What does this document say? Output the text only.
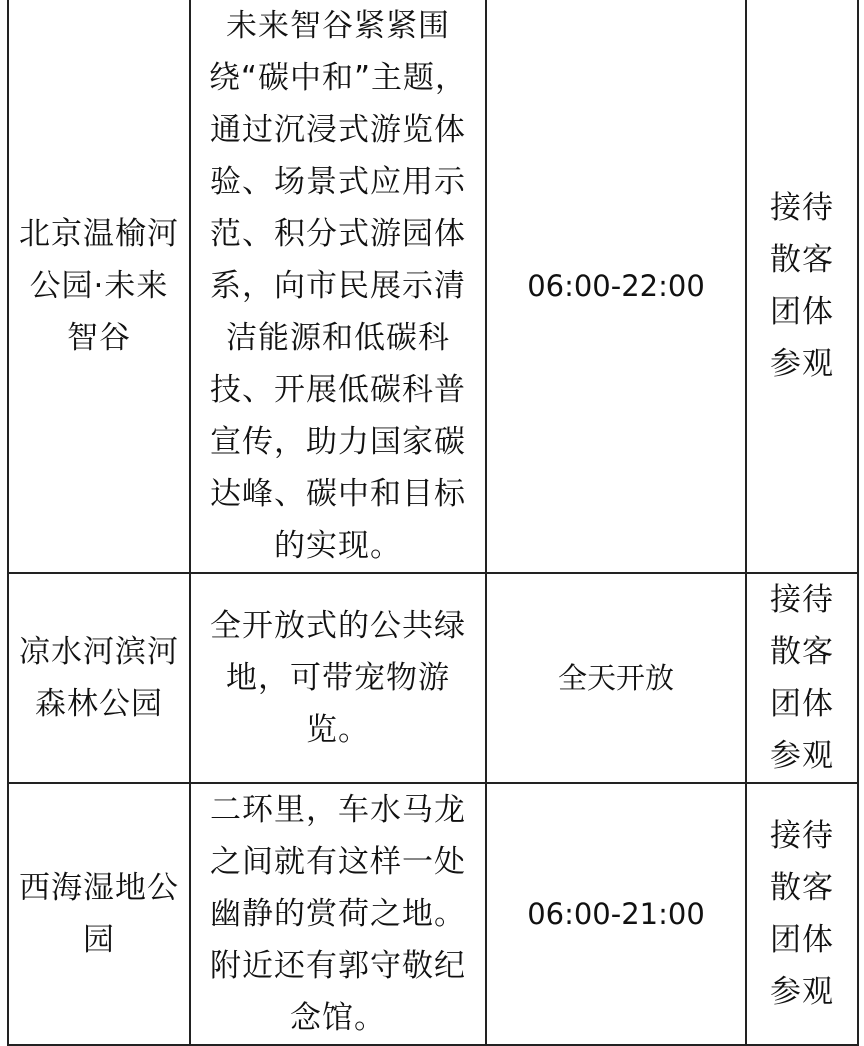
北京温榆河公园·未来智谷	未来智谷紧紧围绕“碳中和”主题，通过沉浸式游览体验、场景式应用示范、积分式游园体系，向市民展示清洁能源和低碳科技、开展低碳科普宣传，助力国家碳达峰、碳中和目标的实现。	06:00-22:00	接待散客团体参观
凉水河滨河森林公园	全开放式的公共绿地，可带宠物游览。	全天开放	接待散客团体参观
西海湿地公园	二环里，车水马龙之间就有这样一处幽静的赏荷之地。附近还有郭守敬纪念馆。	06:00-21:00	接待散客团体参观
